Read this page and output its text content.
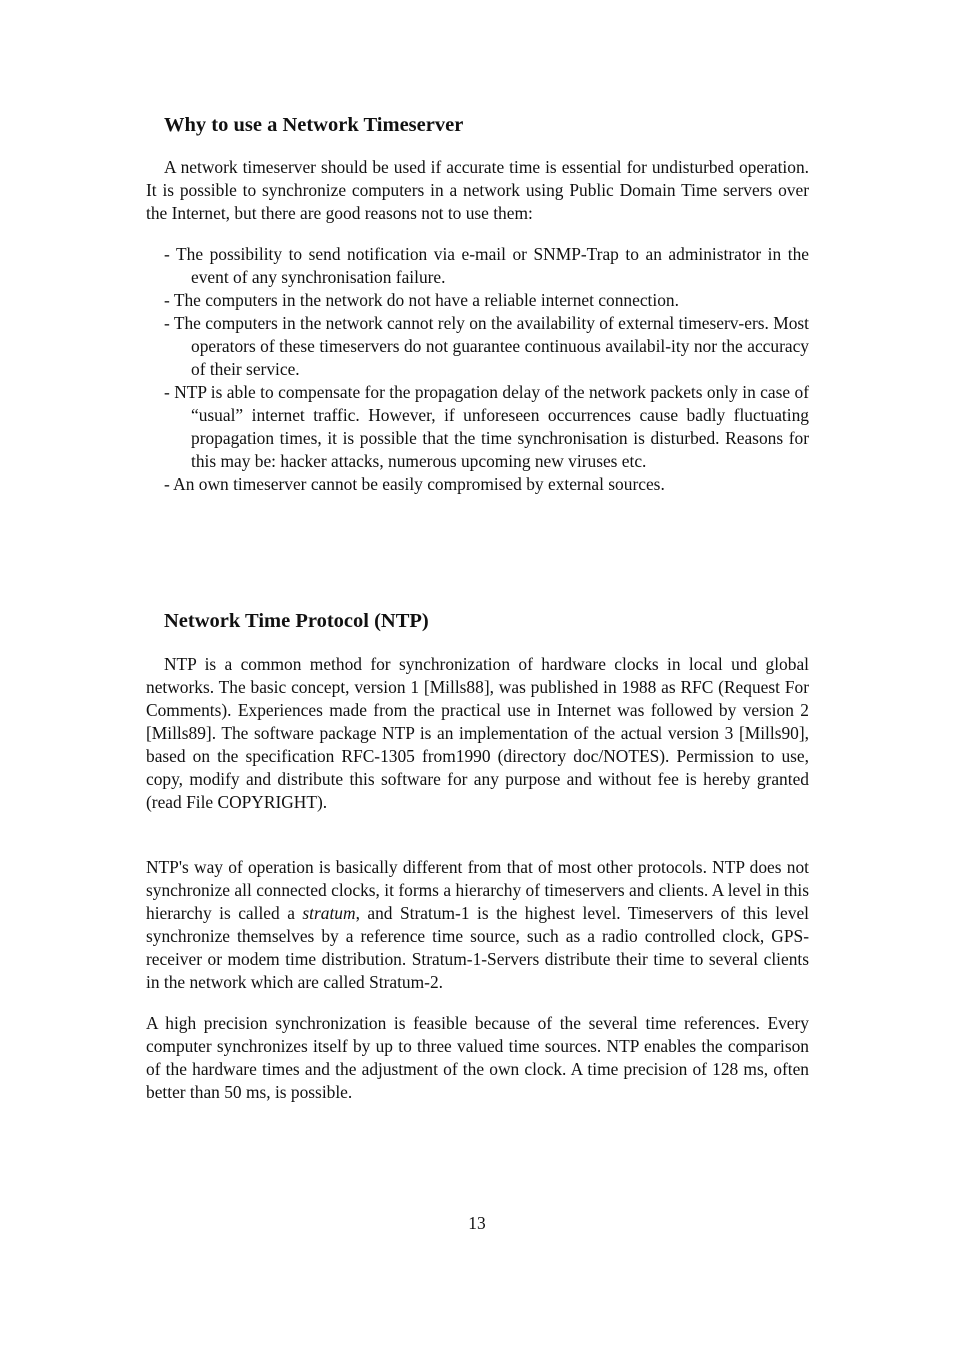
Why to use a Network Timeserver

A network timeserver should be used if accurate time is essential for undisturbed operation. It is possible to synchronize computers in a network using Public Domain Time servers over the Internet, but there are good reasons not to use them:

- The possibility to send notification via e-mail or SNMP-Trap to an administrator in the event of any synchronisation failure.
- The computers in the network do not have a reliable internet connection.
- The computers in the network cannot rely on the availability of external timeserv-ers. Most operators of these timeservers do not guarantee continuous availabil-ity nor the accuracy of their service.
- NTP is able to compensate for the propagation delay of the network packets only in case of “usual” internet traffic. However, if unforeseen occurrences cause badly fluctuating propagation times, it is possible that the time synchronisation is disturbed. Reasons for this may be: hacker attacks, numerous upcoming new viruses etc.
- An own timeserver cannot be easily compromised by external sources.
Network Time Protocol (NTP)

NTP is a common method for synchronization of hardware clocks in local und global networks. The basic concept, version 1 [Mills88], was published in 1988 as RFC (Request For Comments). Experiences made from the practical use in Internet was followed by version 2 [Mills89]. The software package NTP is an implementation of the actual version 3 [Mills90], based on the specification RFC-1305 from1990 (directory doc/NOTES). Permission to use, copy, modify and distribute this software for any purpose and without fee is hereby granted (read File COPYRIGHT).

NTP's way of operation is basically different from that of most other protocols. NTP does not synchronize all connected clocks, it forms a hierarchy of timeservers and clients. A level in this hierarchy is called a stratum, and Stratum-1 is the highest level. Timeservers of this level synchronize themselves by a reference time source, such as a radio controlled clock, GPS-receiver or modem time distribution. Stratum-1-Servers distribute their time to several clients in the network which are called Stratum-2.

A high precision synchronization is feasible because of the several time references. Every computer synchronizes itself by up to three valued time sources. NTP enables the comparison of the hardware times and the adjustment of the own clock. A time precision of 128 ms, often better than 50 ms, is possible.

13
